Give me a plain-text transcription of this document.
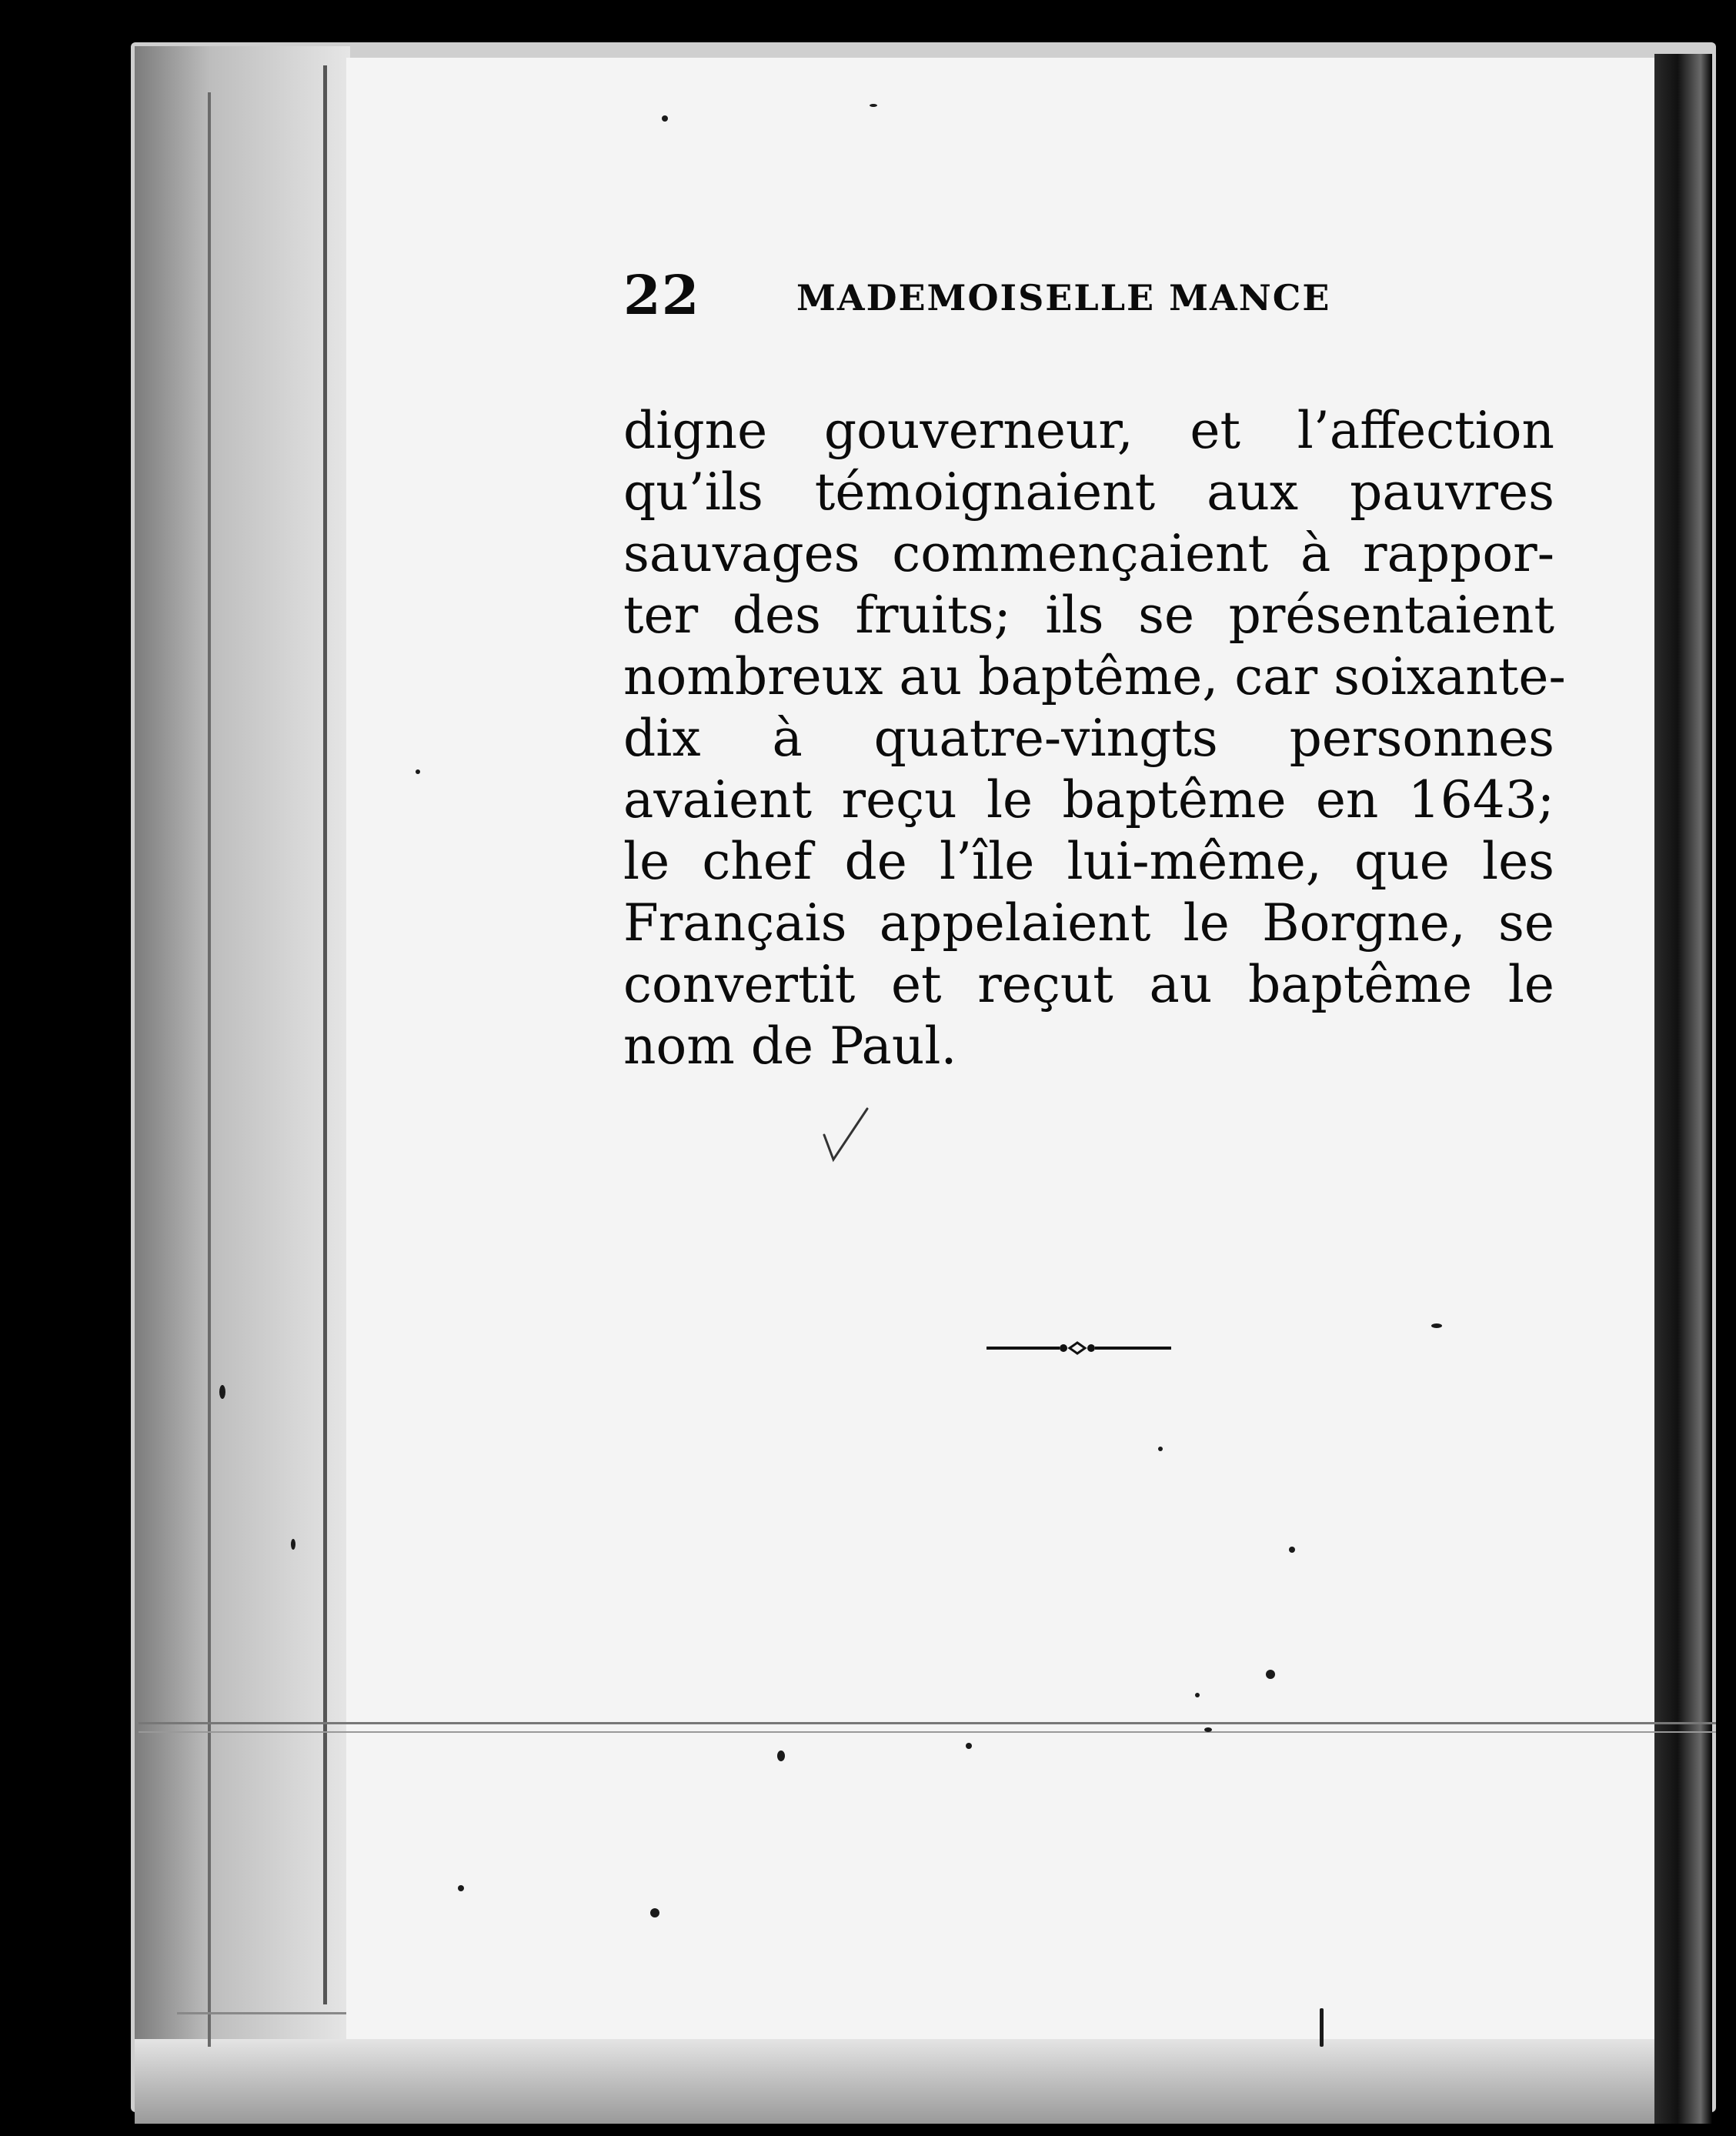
22	MADEMOISELLE MANCE
digne gouverneur, et l’affection
qu’ils témoignaient aux pauvres
sauvages commençaient à rappor-
ter des fruits; ils se présentaient
nombreux au baptême, car soixante-
dix à quatre-vingts personnes
avaient reçu le baptême en 1643;
le chef de l’île lui-même, que les
Français appelaient le Borgne, se
convertit et reçut au baptême le
nom de Paul.
